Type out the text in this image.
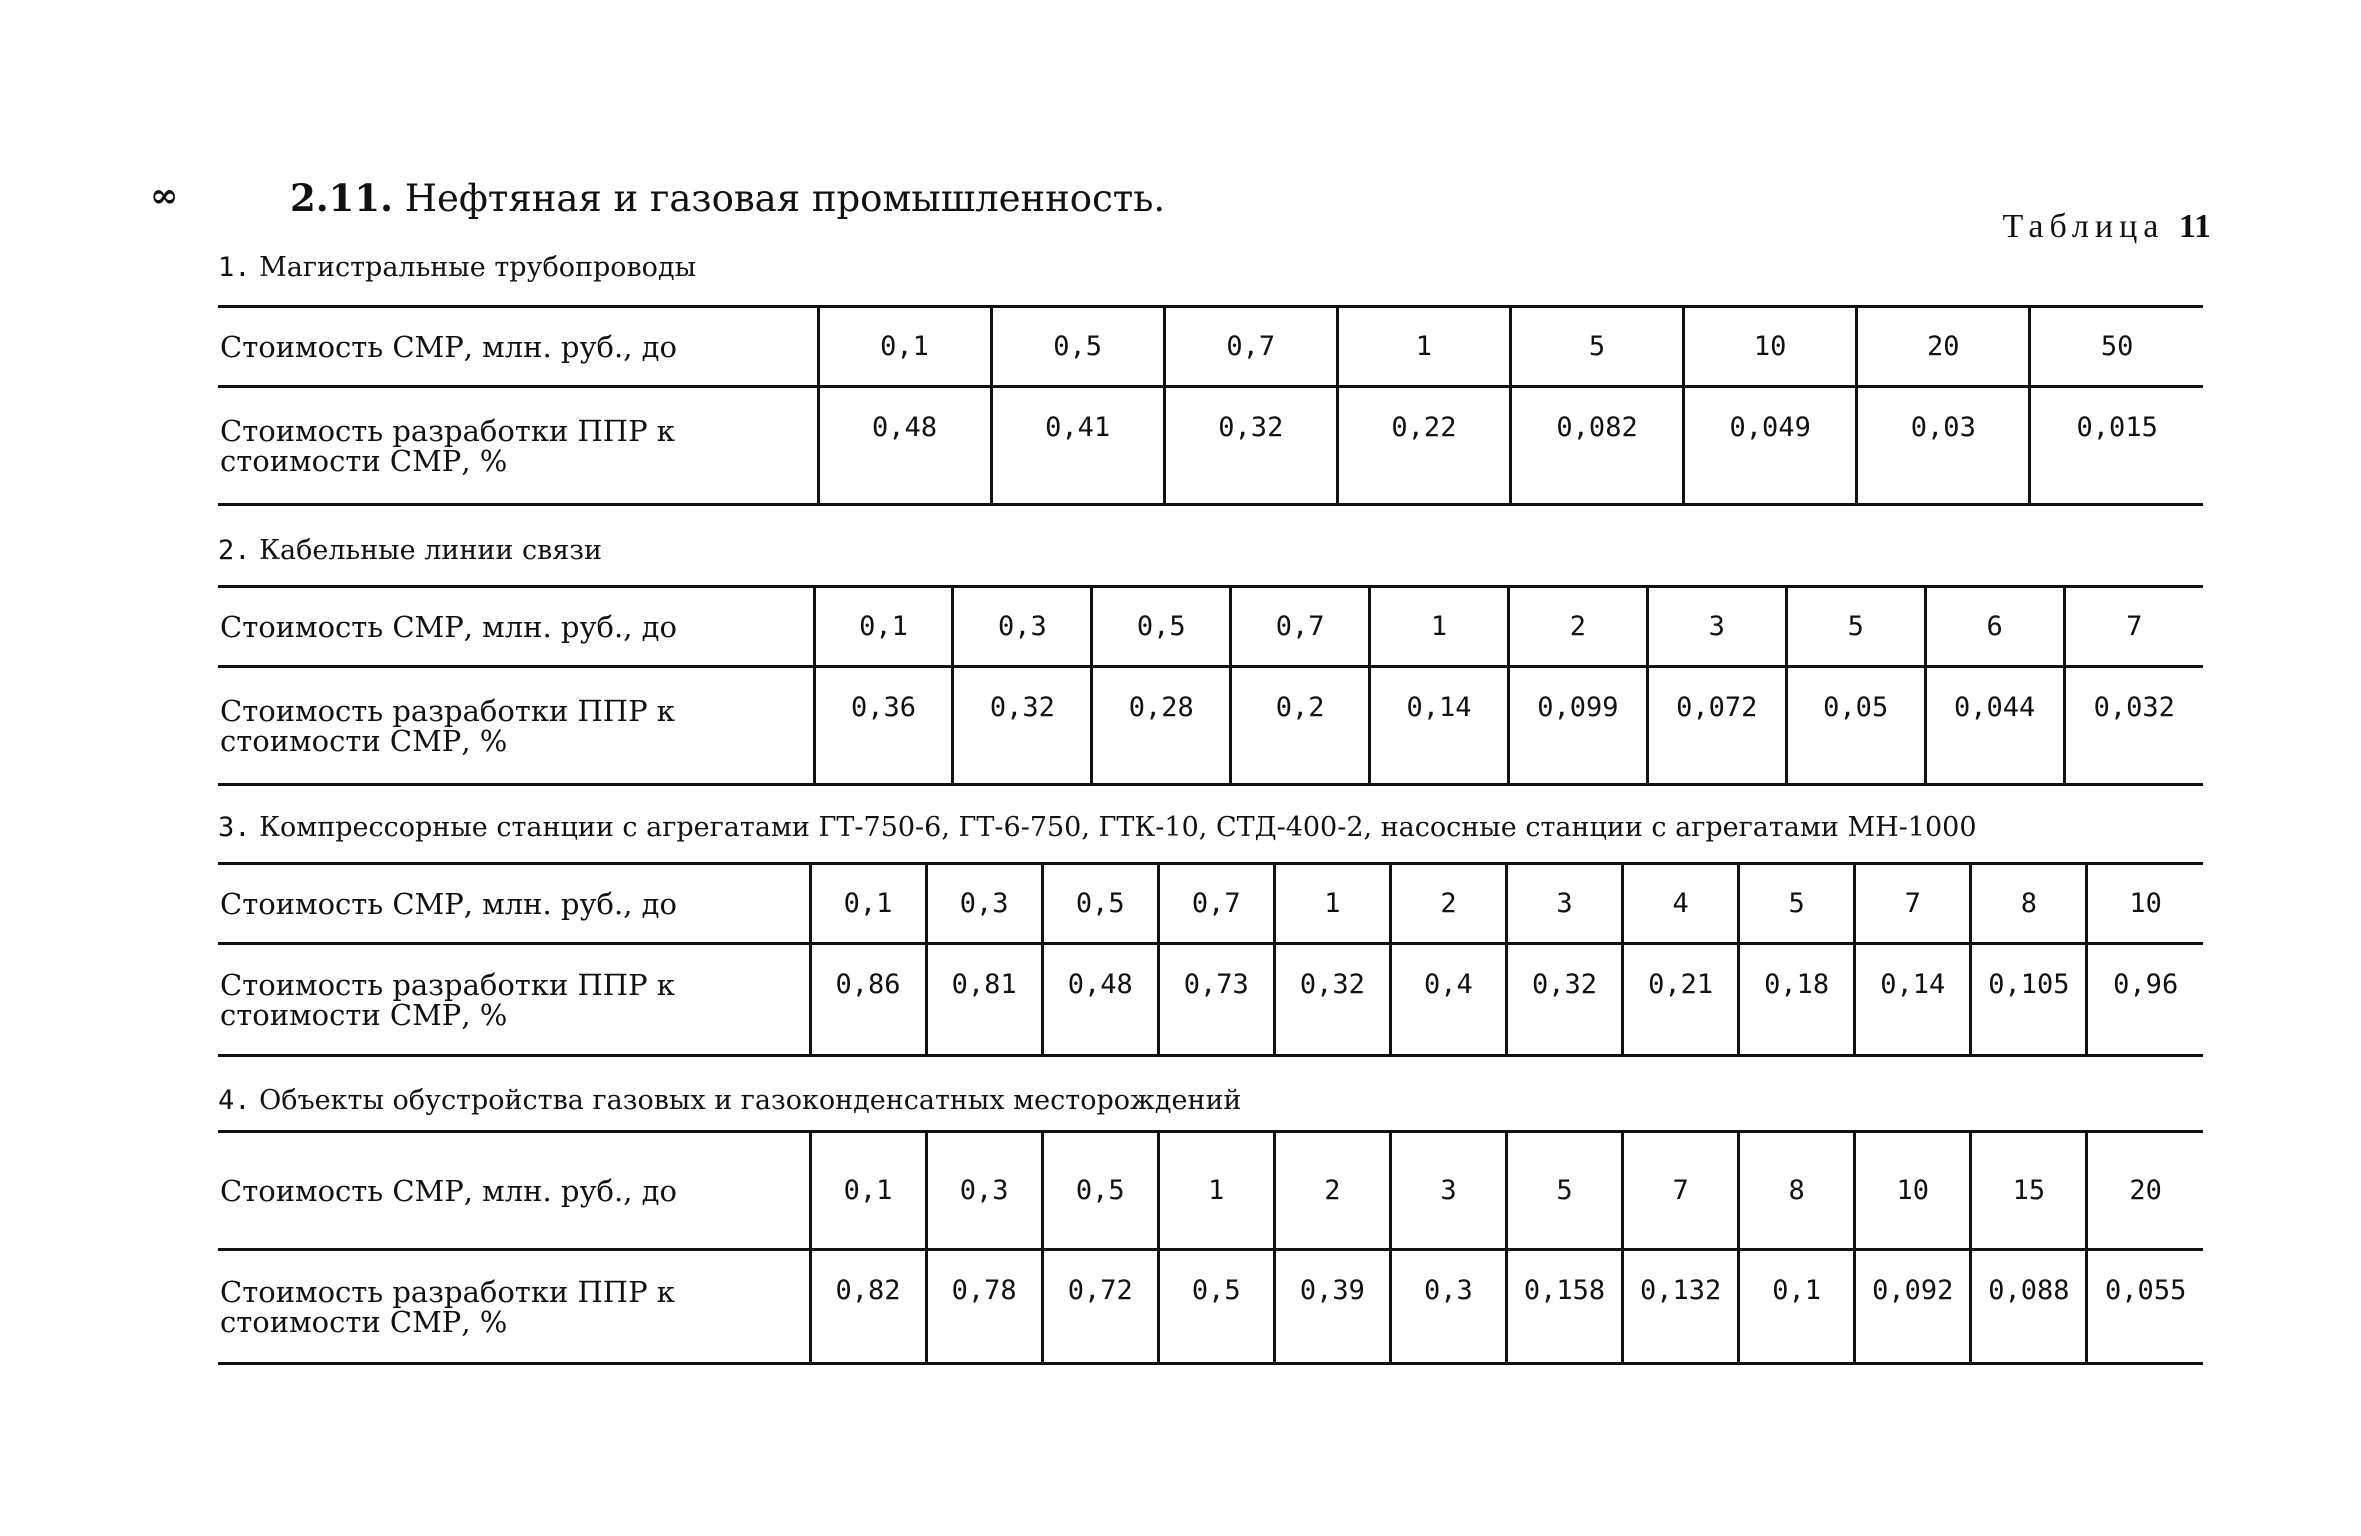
∞	2.11. Нефтяная и газовая промышленность.
Таблица 11
1. Магистральные трубопроводы
Стоимость СМР, млн. руб., до	0,1	0,5	0,7	1	5	10	20	50
Стоимость разработки ППР к стоимости СМР, %	0,48	0,41	0,32	0,22	0,082	0,049	0,03	0,015
2. Кабельные линии связи
Стоимость СМР, млн. руб., до	0,1	0,3	0,5	0,7	1	2	3	5	6	7
Стоимость разработки ППР к стоимости СМР, %	0,36	0,32	0,28	0,2	0,14	0,099	0,072	0,05	0,044	0,032
3. Компрессорные станции с агрегатами ГТ-750-6, ГТ-6-750, ГТК-10, СТД-400-2, насосные станции с агрегатами МН-1000
Стоимость СМР, млн. руб., до	0,1	0,3	0,5	0,7	1	2	3	4	5	7	8	10
Стоимость разработки ППР к стоимости СМР, %	0,86	0,81	0,48	0,73	0,32	0,4	0,32	0,21	0,18	0,14	0,105	0,96
4. Объекты обустройства газовых и газоконденсатных месторождений
Стоимость СМР, млн. руб., до	0,1	0,3	0,5	1	2	3	5	7	8	10	15	20
Стоимость разработки ППР к стоимости СМР, %	0,82	0,78	0,72	0,5	0,39	0,3	0,158	0,132	0,1	0,092	0,088	0,055
